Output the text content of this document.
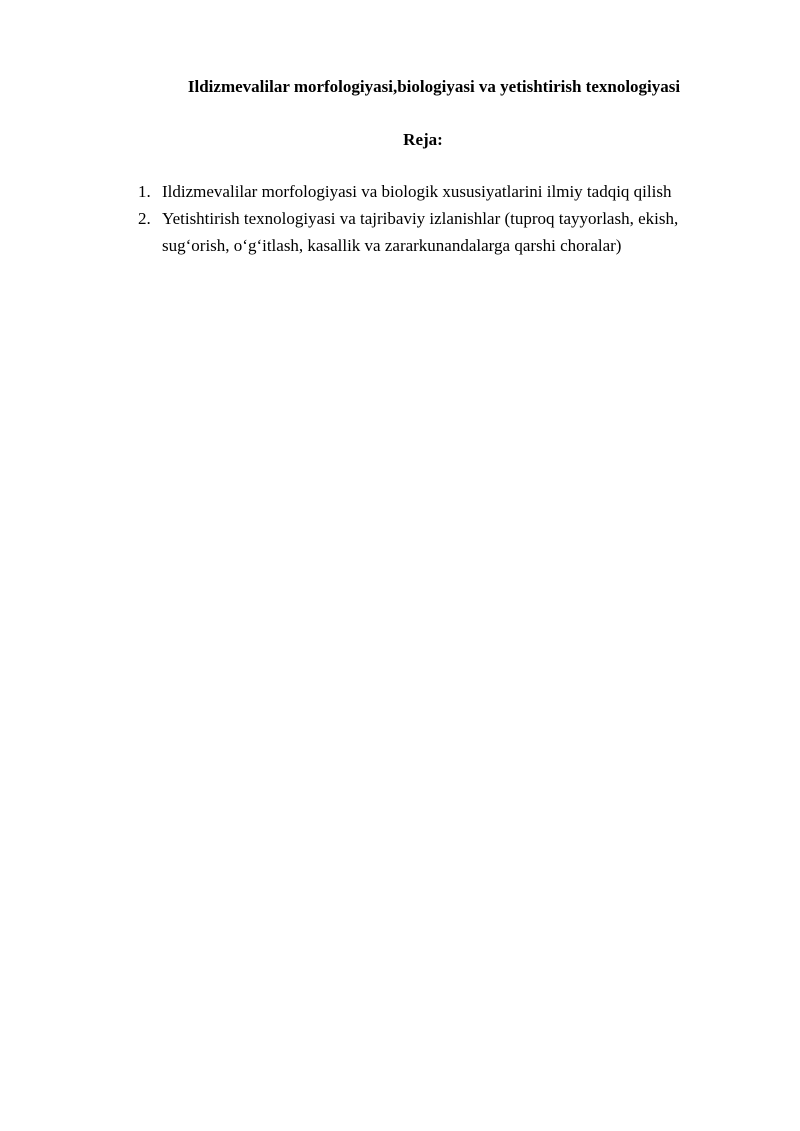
Ildizmevalilar morfologiyasi,biologiyasi va yetishtirish texnologiyasi
Reja:
1. Ildizmevalilar morfologiyasi va biologik xususiyatlarini ilmiy tadqiq qilish
2. Yetishtirish texnologiyasi va tajribaviy izlanishlar (tuproq tayyorlash, ekish, sug‘orish, o‘g‘itlash, kasallik va zararkunandalarga qarshi choralar)
